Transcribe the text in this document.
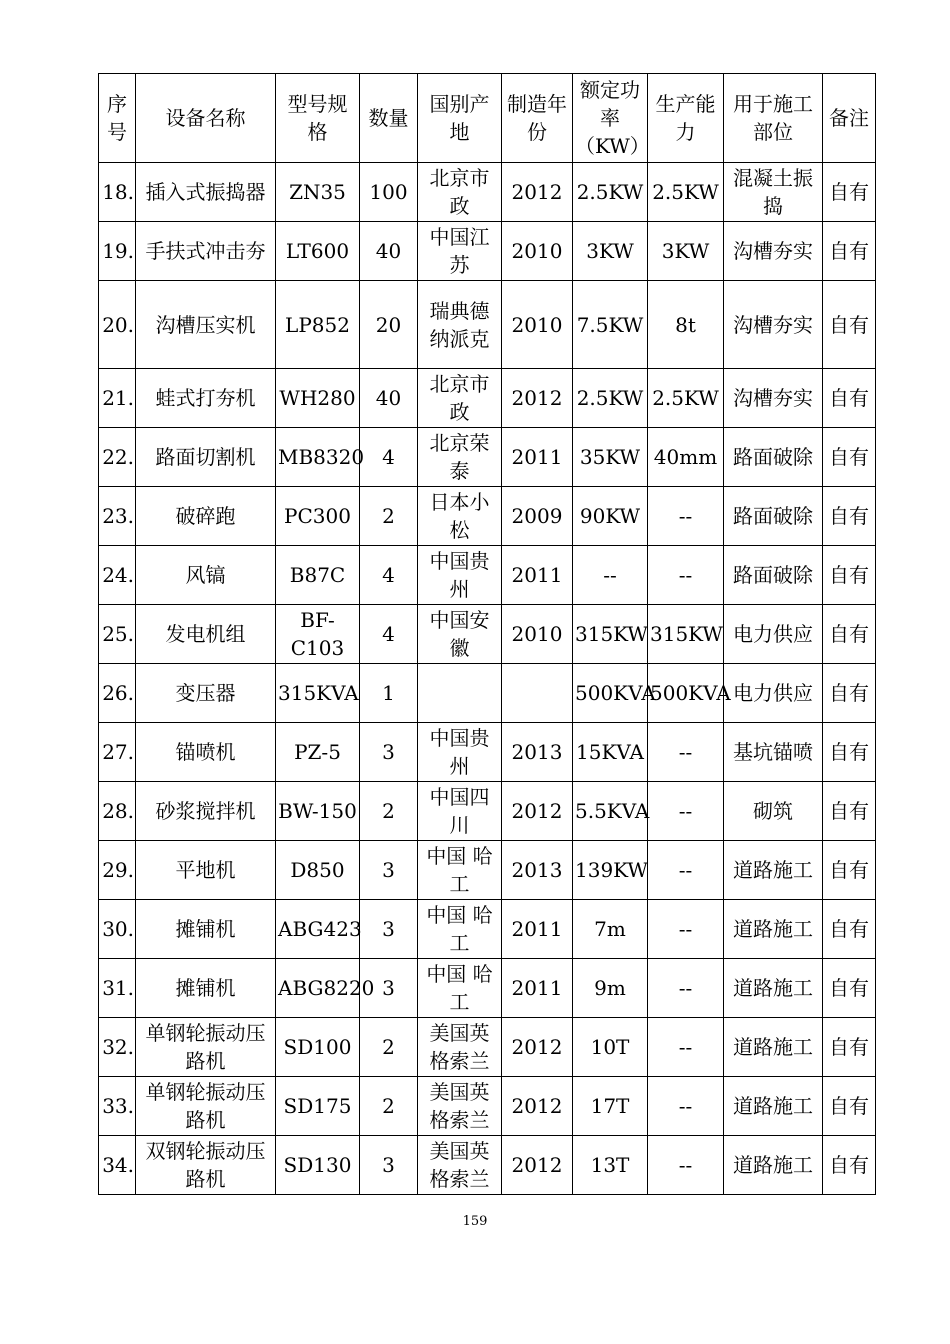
序号	设备名称	型号规格	数量	国别产地	制造年份	额定功率（KW）	生产能力	用于施工部位	备注
18.	插入式振捣器	ZN35	100	北京市政	2012	2.5KW	2.5KW	混凝土振捣	自有
19.	手扶式冲击夯	LT600	40	中国江苏	2010	3KW	3KW	沟槽夯实	自有
20.	沟槽压实机	LP852	20	瑞典德纳派克	2010	7.5KW	8t	沟槽夯实	自有
21.	蛙式打夯机	WH280	40	北京市政	2012	2.5KW	2.5KW	沟槽夯实	自有
22.	路面切割机	MB8320	4	北京荣泰	2011	35KW	40mm	路面破除	自有
23.	破碎跑	PC300	2	日本小松	2009	90KW	--	路面破除	自有
24.	风镐	B87C	4	中国贵州	2011	--	--	路面破除	自有
25.	发电机组	BF-C103	4	中国安徽	2010	315KW	315KW	电力供应	自有
26.	变压器	315KVA	1			500KVA	500KVA	电力供应	自有
27.	锚喷机	PZ-5	3	中国贵州	2013	15KVA	--	基坑锚喷	自有
28.	砂浆搅拌机	BW-150	2	中国四川	2012	5.5KVA	--	砌筑	自有
29.	平地机	D850	3	中国 哈工	2013	139KW	--	道路施工	自有
30.	摊铺机	ABG423	3	中国 哈工	2011	7m	--	道路施工	自有
31.	摊铺机	ABG8220	3	中国 哈工	2011	9m	--	道路施工	自有
32.	单钢轮振动压路机	SD100	2	美国英格索兰	2012	10T	--	道路施工	自有
33.	单钢轮振动压路机	SD175	2	美国英格索兰	2012	17T	--	道路施工	自有
34.	双钢轮振动压路机	SD130	3	美国英格索兰	2012	13T	--	道路施工	自有
159
